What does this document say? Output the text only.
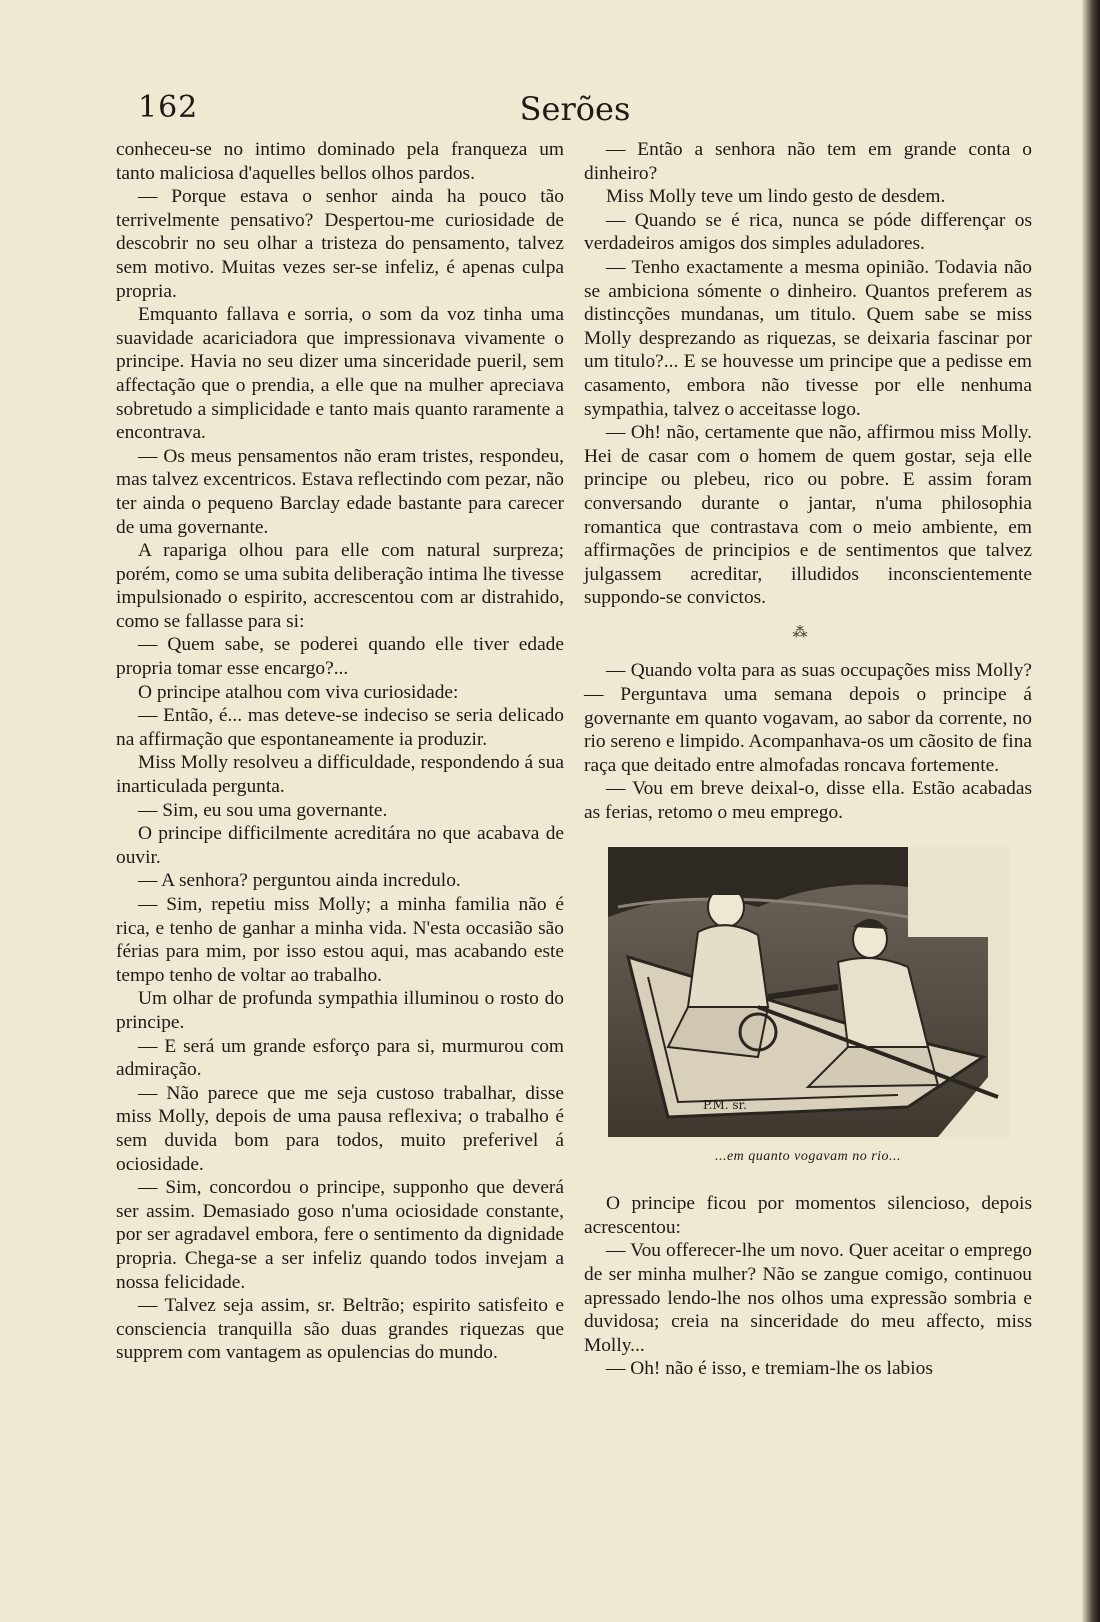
162	Serões

conheceu-se no intimo dominado pela franqueza um tanto maliciosa d'aquelles bellos olhos pardos.

— Porque estava o senhor ainda ha pouco tão terrivelmente pensativo? Despertou-me curiosidade de descobrir no seu olhar a tristeza do pensamento, talvez sem motivo. Muitas vezes ser-se infeliz, é apenas culpa propria.

Emquanto fallava e sorria, o som da voz tinha uma suavidade acariciadora que impressionava vivamente o principe. Havia no seu dizer uma sinceridade pueril, sem affectação que o prendia, a elle que na mulher apreciava sobretudo a simplicidade e tanto mais quanto raramente a encontrava.

— Os meus pensamentos não eram tristes, respondeu, mas talvez excentricos. Estava reflectindo com pezar, não ter ainda o pequeno Barclay edade bastante para carecer de uma governante.

A rapariga olhou para elle com natural surpreza; porém, como se uma subita deliberação intima lhe tivesse impulsionado o espirito, accrescentou com ar distrahido, como se fallasse para si:

— Quem sabe, se poderei quando elle tiver edade propria tomar esse encargo?...

O principe atalhou com viva curiosidade:

— Então, é... mas deteve-se indeciso se seria delicado na affirmação que espontaneamente ia produzir.

Miss Molly resolveu a difficuldade, respondendo á sua inarticulada pergunta.

— Sim, eu sou uma governante.

O principe difficilmente acreditára no que acabava de ouvir.

— A senhora? perguntou ainda incredulo.

— Sim, repetiu miss Molly; a minha familia não é rica, e tenho de ganhar a minha vida. N'esta occasião são férias para mim, por isso estou aqui, mas acabando este tempo tenho de voltar ao trabalho.

Um olhar de profunda sympathia illuminou o rosto do principe.

— E será um grande esforço para si, murmurou com admiração.

— Não parece que me seja custoso trabalhar, disse miss Molly, depois de uma pausa reflexiva; o trabalho é sem duvida bom para todos, muito preferivel á ociosidade.

— Sim, concordou o principe, supponho que deverá ser assim. Demasiado goso n'uma ociosidade constante, por ser agradavel embora, fere o sentimento da dignidade propria. Chega-se a ser infeliz quando todos invejam a nossa felicidade.

— Talvez seja assim, sr. Beltrão; espirito satisfeito e consciencia tranquilla são duas grandes riquezas que supprem com vantagem as opulencias do mundo.

— Então a senhora não tem em grande conta o dinheiro?

Miss Molly teve um lindo gesto de desdem.

— Quando se é rica, nunca se póde differençar os verdadeiros amigos dos simples aduladores.

— Tenho exactamente a mesma opinião. Todavia não se ambiciona sómente o dinheiro. Quantos preferem as distincções mundanas, um titulo. Quem sabe se miss Molly desprezando as riquezas, se deixaria fascinar por um titulo?... E se houvesse um principe que a pedisse em casamento, embora não tivesse por elle nenhuma sympathia, talvez o acceitasse logo.

— Oh! não, certamente que não, affirmou miss Molly. Hei de casar com o homem de quem gostar, seja elle principe ou plebeu, rico ou pobre. E assim foram conversando durante o jantar, n'uma philosophia romantica que contrastava com o meio ambiente, em affirmações de principios e de sentimentos que talvez julgassem acreditar, illudidos inconscientemente suppondo-se convictos.

⁂

— Quando volta para as suas occupações miss Molly?— Perguntava uma semana depois o principe á governante em quanto vogavam, ao sabor da corrente, no rio sereno e limpido. Acompanhava-os um cãosito de fina raça que deitado entre almofadas roncava fortemente.

— Vou em breve deixal-o, disse ella. Estão acabadas as ferias, retomo o meu emprego.

P.M. sr.
...em quanto vogavam no rio...

O principe ficou por momentos silencioso, depois acrescentou:

— Vou offerecer-lhe um novo. Quer aceitar o emprego de ser minha mulher? Não se zangue comigo, continuou apressado lendo-lhe nos olhos uma expressão sombria e duvidosa; creia na sinceridade do meu affecto, miss Molly...

— Oh! não é isso, e tremiam-lhe os labios
